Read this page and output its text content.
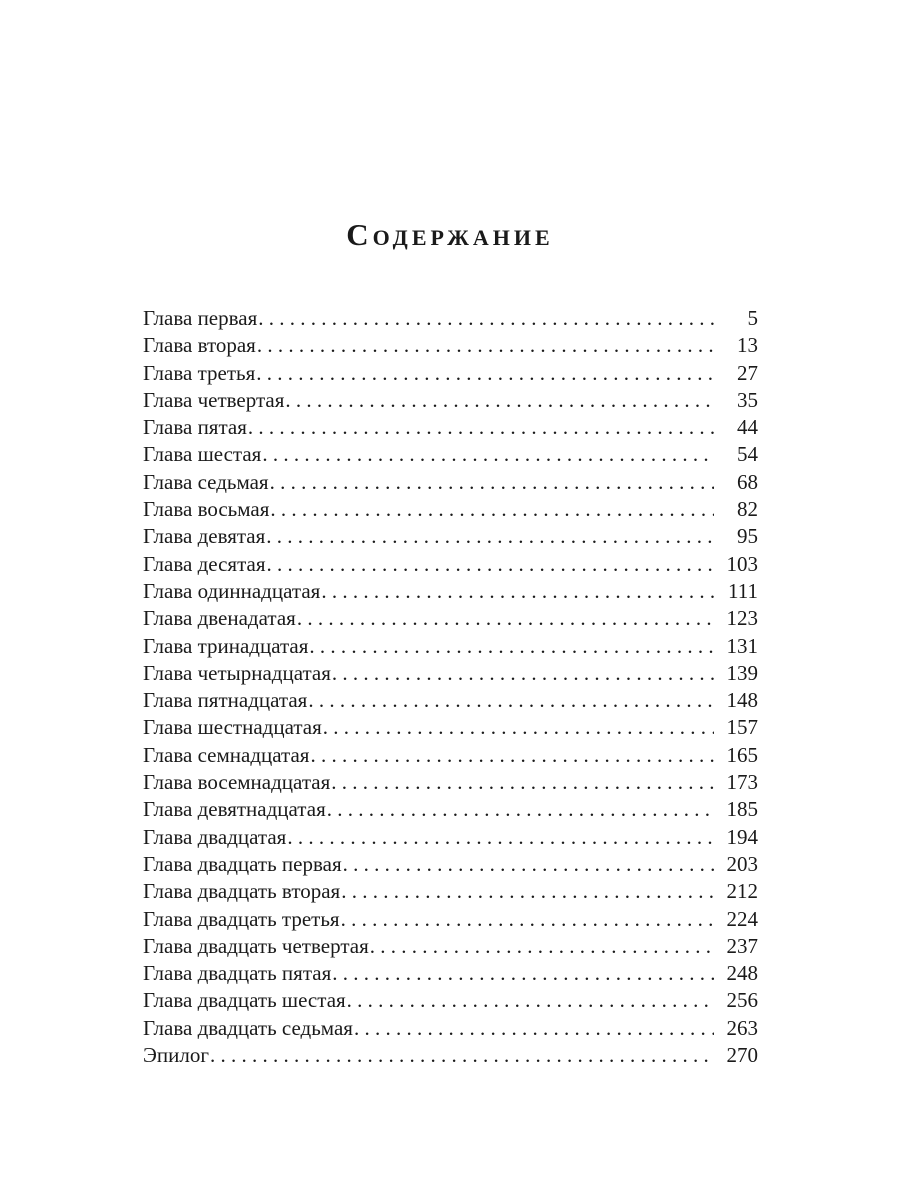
Содержание
Глава первая . . .	5
Глава вторая . . .	13
Глава третья . . .	27
Глава четвертая . . .	35
Глава пятая . . .	44
Глава шестая . . .	54
Глава седьмая . . .	68
Глава восьмая . . .	82
Глава девятая . . .	95
Глава десятая . . .	103
Глава одиннадцатая . . .	111
Глава двенадатая . . .	123
Глава тринадцатая . . .	131
Глава четырнадцатая . . .	139
Глава пятнадцатая . . .	148
Глава шестнадцатая . . .	157
Глава семнадцатая . . .	165
Глава восемнадцатая . . .	173
Глава девятнадцатая . . .	185
Глава двадцатая . . .	194
Глава двадцать первая . . .	203
Глава двадцать вторая . . .	212
Глава двадцать третья . . .	224
Глава двадцать четвертая . . .	237
Глава двадцать пятая . . .	248
Глава двадцать шестая . . .	256
Глава двадцать седьмая . . .	263
Эпилог . . .	270
